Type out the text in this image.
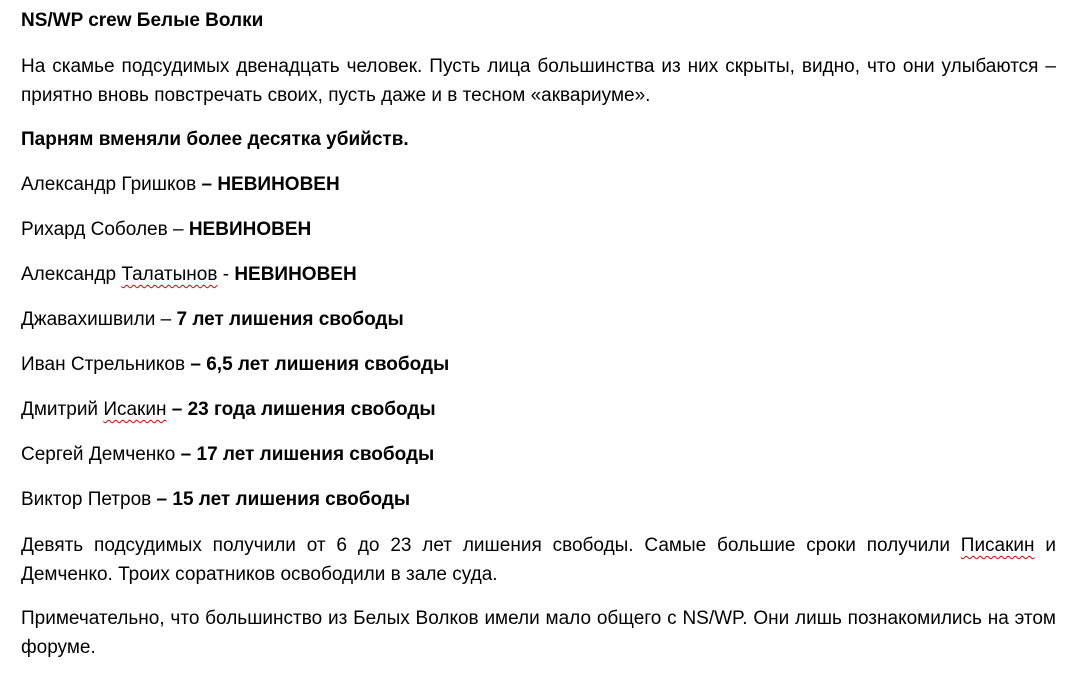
NS/WP crew Белые Волки

На скамье подсудимых двенадцать человек. Пусть лица большинства из них скрыты, видно, что они улыбаются – приятно вновь повстречать своих, пусть даже и в тесном «аквариуме».

Парням вменяли более десятка убийств.

Александр Гришков – НЕВИНОВЕН

Рихард Соболев – НЕВИНОВЕН

Александр Талатынов - НЕВИНОВЕН

Джавахишвили – 7 лет лишения свободы

Иван Стрельников – 6,5 лет лишения свободы

Дмитрий Исакин – 23 года лишения свободы

Сергей Демченко – 17 лет лишения свободы

Виктор Петров – 15 лет лишения свободы

Девять подсудимых получили от 6 до 23 лет лишения свободы. Самые большие сроки получили Писакин и Демченко. Троих соратников освободили в зале суда.

Примечательно, что большинство из Белых Волков имели мало общего с NS/WP. Они лишь познакомились на этом форуме.
